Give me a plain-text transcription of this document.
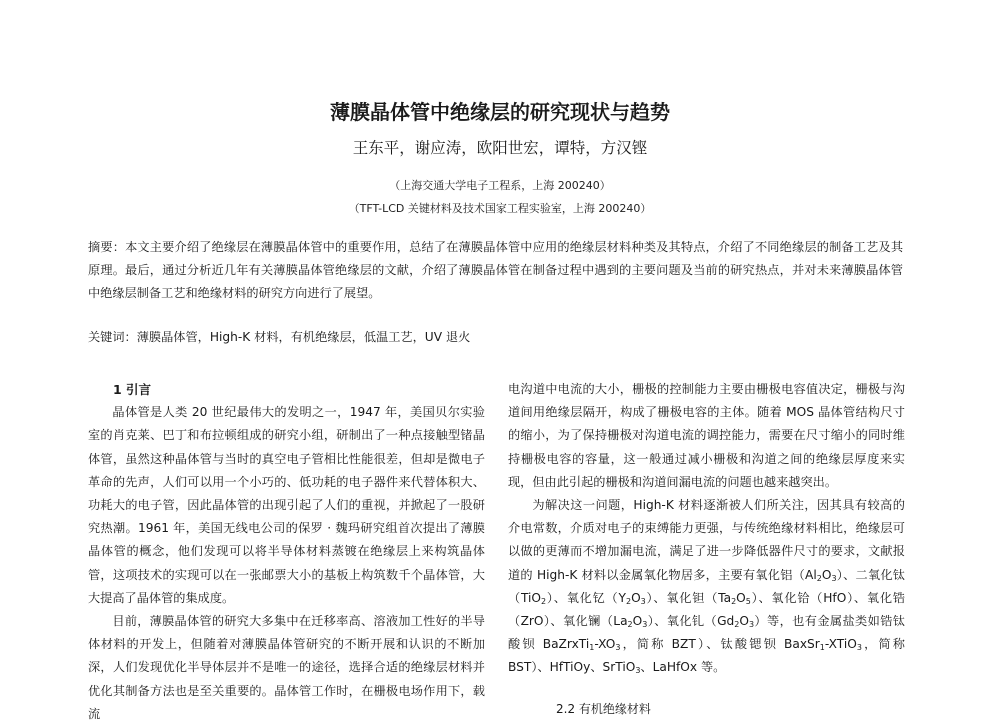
薄膜晶体管中绝缘层的研究现状与趋势
王东平，谢应涛，欧阳世宏，谭特，方汉铿
（上海交通大学电子工程系，上海 200240）
（TFT-LCD 关键材料及技术国家工程实验室，上海 200240）
摘要：本文主要介绍了绝缘层在薄膜晶体管中的重要作用，总结了在薄膜晶体管中应用的绝缘层材料种类及其特点，介绍了不同绝缘层的制备工艺及其原理。最后，通过分析近几年有关薄膜晶体管绝缘层的文献，介绍了薄膜晶体管在制备过程中遇到的主要问题及当前的研究热点，并对未来薄膜晶体管中绝缘层制备工艺和绝缘材料的研究方向进行了展望。
关键词：薄膜晶体管，High-K 材料，有机绝缘层，低温工艺，UV 退火

1 引言

晶体管是人类 20 世纪最伟大的发明之一，1947 年，美国贝尔实验室的肖克莱、巴丁和布拉顿组成的研究小组，研制出了一种点接触型锗晶体管，虽然这种晶体管与当时的真空电子管相比性能很差，但却是微电子革命的先声，人们可以用一个小巧的、低功耗的电子器件来代替体积大、功耗大的电子管，因此晶体管的出现引起了人们的重视，并掀起了一股研究热潮。1961 年，美国无线电公司的保罗 · 魏玛研究组首次提出了薄膜晶体管的概念，他们发现可以将半导体材料蒸镀在绝缘层上来构筑晶体管，这项技术的实现可以在一张邮票大小的基板上构筑数千个晶体管，大大提高了晶体管的集成度。

目前，薄膜晶体管的研究大多集中在迁移率高、溶液加工性好的半导体材料的开发上，但随着对薄膜晶体管研究的不断开展和认识的不断加深，人们发现优化半导体层并不是唯一的途径，选择合适的绝缘层材料并优化其制备方法也是至关重要的。晶体管工作时，在栅极电场作用下，载流

电沟道中电流的大小，栅极的控制能力主要由栅极电容值决定，栅极与沟道间用绝缘层隔开，构成了栅极电容的主体。随着 MOS 晶体管结构尺寸的缩小，为了保持栅极对沟道电流的调控能力，需要在尺寸缩小的同时维持栅极电容的容量，这一般通过减小栅极和沟道之间的绝缘层厚度来实现，但由此引起的栅极和沟道间漏电流的问题也越来越突出。

为解决这一问题，High-K 材料逐渐被人们所关注，因其具有较高的介电常数，介质对电子的束缚能力更强，与传统绝缘材料相比，绝缘层可以做的更薄而不增加漏电流，满足了进一步降低器件尺寸的要求，文献报道的 High-K 材料以金属氧化物居多，主要有氧化铝$(Al_2O_3)$、二氧化钛（TiO$_2$）、氧化钇$(Y_2O_3)$、氧化钽$(Ta_2O_5)$、氧化铪（HfO）、氧化锆（ZrO）、氧化镧$(La_2O_3)$、氧化钆$(Gd_2O_3)$等，也有金属盐类如锆钛酸钡 $BaZrxTi_1-XO_3$，简称 BZT）、钛酸锶钡 BaxSr$_1$-XTiO$_3$，简称 BST）、HfTiOy、SrTiO$_3$、LaHfOx 等。

2.2 有机绝缘材料
